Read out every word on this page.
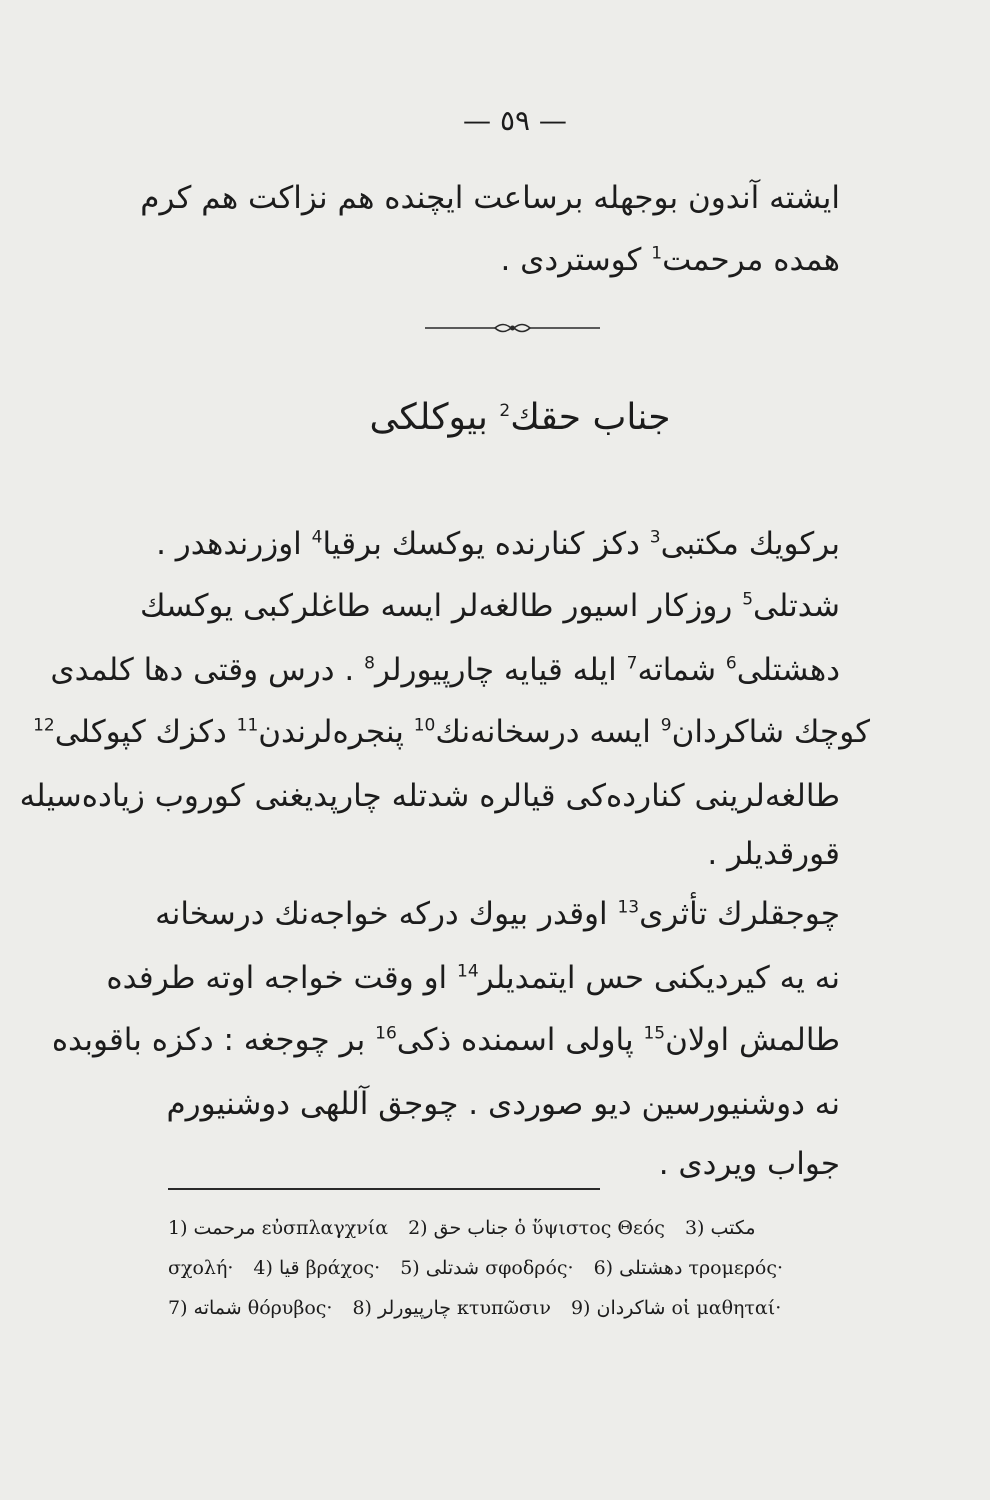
— ٥٩ —
ایشته آندون بوجهله برساعت ایچنده هم نزاکت هم کرم
همده مرحمت$^1$ کوستردی .
جناب حقك$^2$ بیوکلکی
بركویك مكتبی$^3$ دكز كنارنده یوكسك برقیا$^4$ اوزرندهدر .
شدتلی$^5$ روزكار اسیور طالغه‌لر ایسه طاغلركبی یوكسك
دهشتلی$^6$ شماته$^7$ ایله قیایه چارپیورلر$^8$ . درس وقتی دها كلمدی
كوچك شاكردان$^9$ ایسه درسخانه‌نك$^{10}$ پنجره‌لرندن$^{11}$ دكزك كپوكلی$^{12}$
طالغه‌لرینی كنارده‌كی قیالره شدتله چارپدیغنی كوروب زیاده‌سیله
قورقدیلر .
چوجقلرك تأثری$^{13}$ اوقدر بیوك دركه خواجه‌نك درسخانه
نه یه كیردیكنی حس ایتمدیلر$^{14}$ او وقت خواجه اوته طرفده
طالمش اولان$^{15}$ پاولی اسمنده ذكی$^{16}$ بر چوجغه : دكزه باقوبده
نه دوشنیورسین دیو صوردی . چوجق آللهی دوشنیورم
جواب ویردی .
1) مرحمت εὐσπλαγχνία 2) جناب حق ὁ ὕψιστος Θεός 3) مكتب
σχολή· 4) قیا βράχος· 5) شدتلی σφοδρός· 6) دهشتلی τρομερός·
7) شماته θόρυβος· 8) چارپیورلر κτυπῶσιν 9) شاكردان οἱ μαθηταί·
